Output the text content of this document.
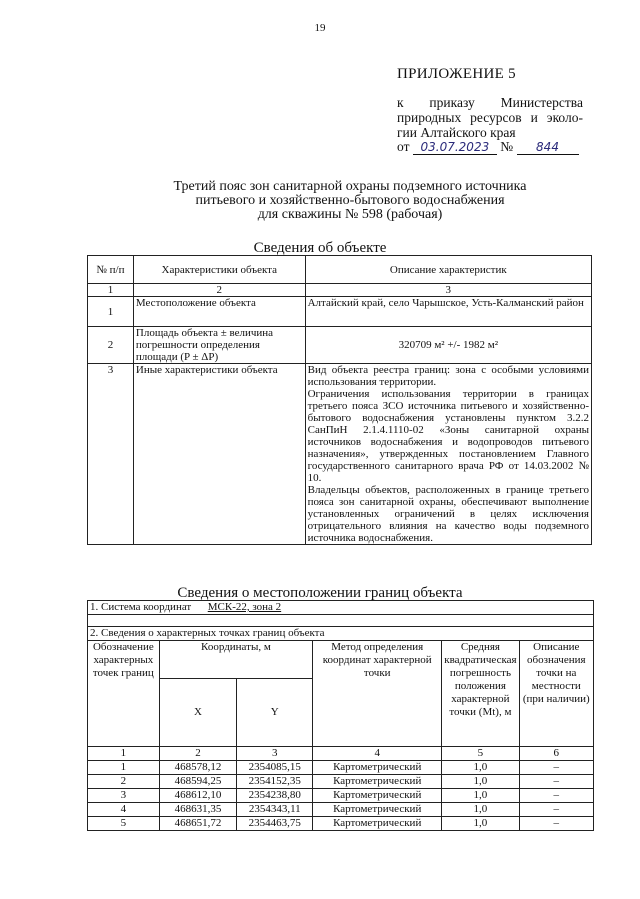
19
ПРИЛОЖЕНИЕ 5
к приказу Министерства
природных ресурсов и эколо-
гии Алтайского края
от 03.07.2023 № 844
Третий пояс зон санитарной охраны подземного источника
питьевого и хозяйственно-бытового водоснабжения
для скважины № 598 (рабочая)
Сведения об объекте
№ п/п	Характеристики объекта	Описание характеристик
1	2	3
1	Местоположение объекта	Алтайский край, село Чарышское, Усть-Калманский район
2	Площадь объекта ± величина погрешности определения площади (P ± ΔP)	320709 м² +/- 1982 м²
3	Иные характеристики объекта	Вид объекта реестра границ: зона с особыми условиями использования территории.
Ограничения использования территории в границах третьего пояса ЗСО источника питьевого и хозяйственно-бытового водоснабжения установлены пунктом 3.2.2 СанПиН 2.1.4.1110-02 «Зоны санитарной охраны источников водоснабжения и водопроводов питьевого назначения», утвержденных постановлением Главного государственного санитарного врача РФ от 14.03.2002 № 10.
Владельцы объектов, расположенных в границе третьего пояса зон санитарной охраны, обеспечивают выполнение установленных ограничений в целях исключения отрицательного влияния на качество воды подземного источника водоснабжения.
Сведения о местоположении границ объекта
1. Система координат МСК-22, зона 2					

2. Сведения о характерных точках границ объекта					
Обозначение характерных точек границ	Координаты, м		Метод определения координат характерной точки	Средняя квадратическая погрешность положения характерной точки (Mt), м	Описание обозначения точки на местности (при наличии)
	X	Y			
1	2	3	4	5	6
1	468578,12	2354085,15	Картометрический	1,0	–
2	468594,25	2354152,35	Картометрический	1,0	–
3	468612,10	2354238,80	Картометрический	1,0	–
4	468631,35	2354343,11	Картометрический	1,0	–
5	468651,72	2354463,75	Картометрический	1,0	–
